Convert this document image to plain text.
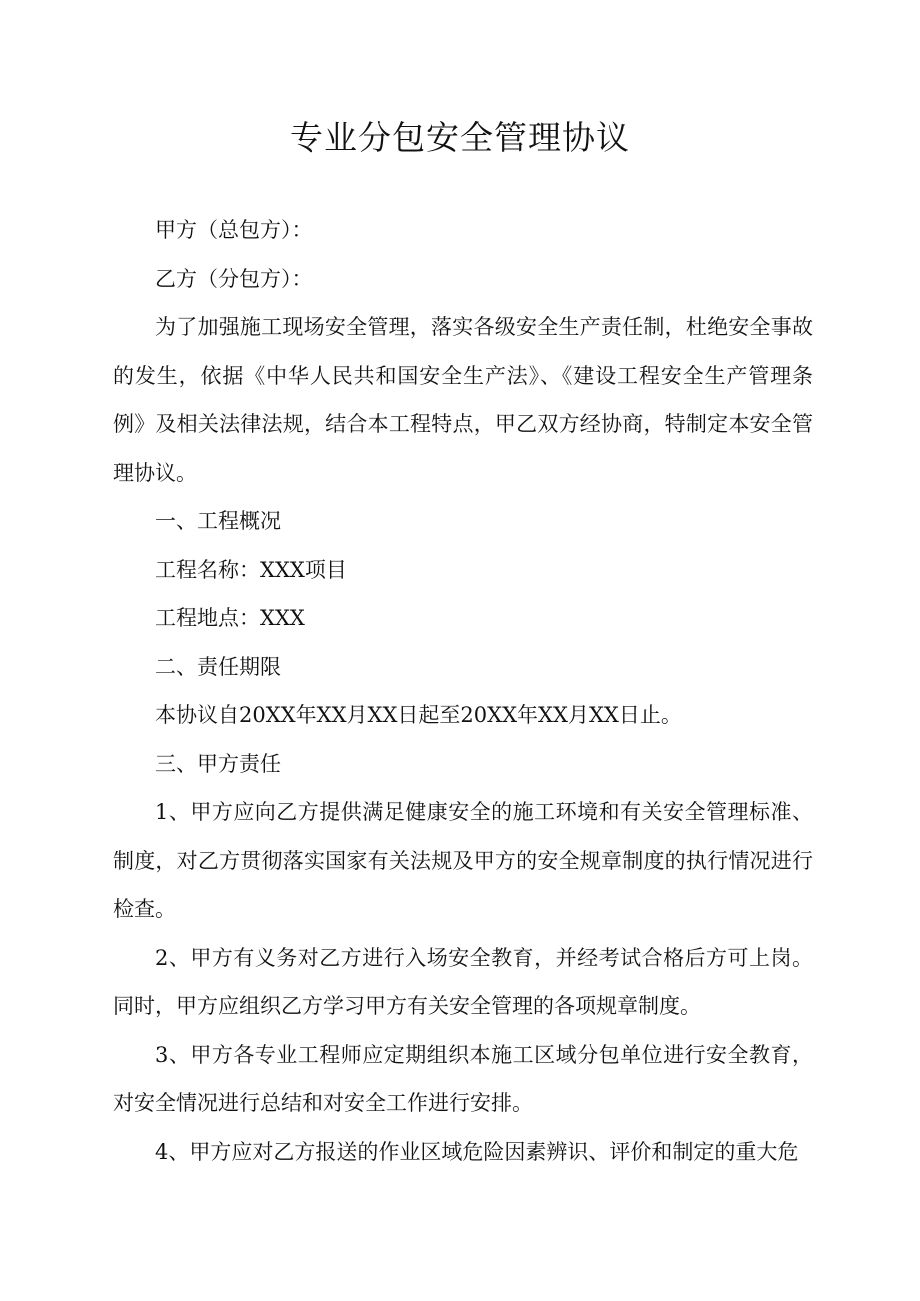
专业分包安全管理协议

甲方（总包方）：

乙方（分包方）：

为了加强施工现场安全管理，落实各级安全生产责任制，杜绝安全事故的发生，依据《中华人民共和国安全生产法》、《建设工程安全生产管理条例》及相关法律法规，结合本工程特点，甲乙双方经协商，特制定本安全管理协议。

一、工程概况

工程名称：XXX项目

工程地点：XXX

二、责任期限

本协议自20XX年XX月XX日起至20XX年XX月XX日止。

三、甲方责任

1、甲方应向乙方提供满足健康安全的施工环境和有关安全管理标准、制度，对乙方贯彻落实国家有关法规及甲方的安全规章制度的执行情况进行检查。

2、甲方有义务对乙方进行入场安全教育，并经考试合格后方可上岗。同时，甲方应组织乙方学习甲方有关安全管理的各项规章制度。

3、甲方各专业工程师应定期组织本施工区域分包单位进行安全教育，对安全情况进行总结和对安全工作进行安排。

4、甲方应对乙方报送的作业区域危险因素辨识、评价和制定的重大危
